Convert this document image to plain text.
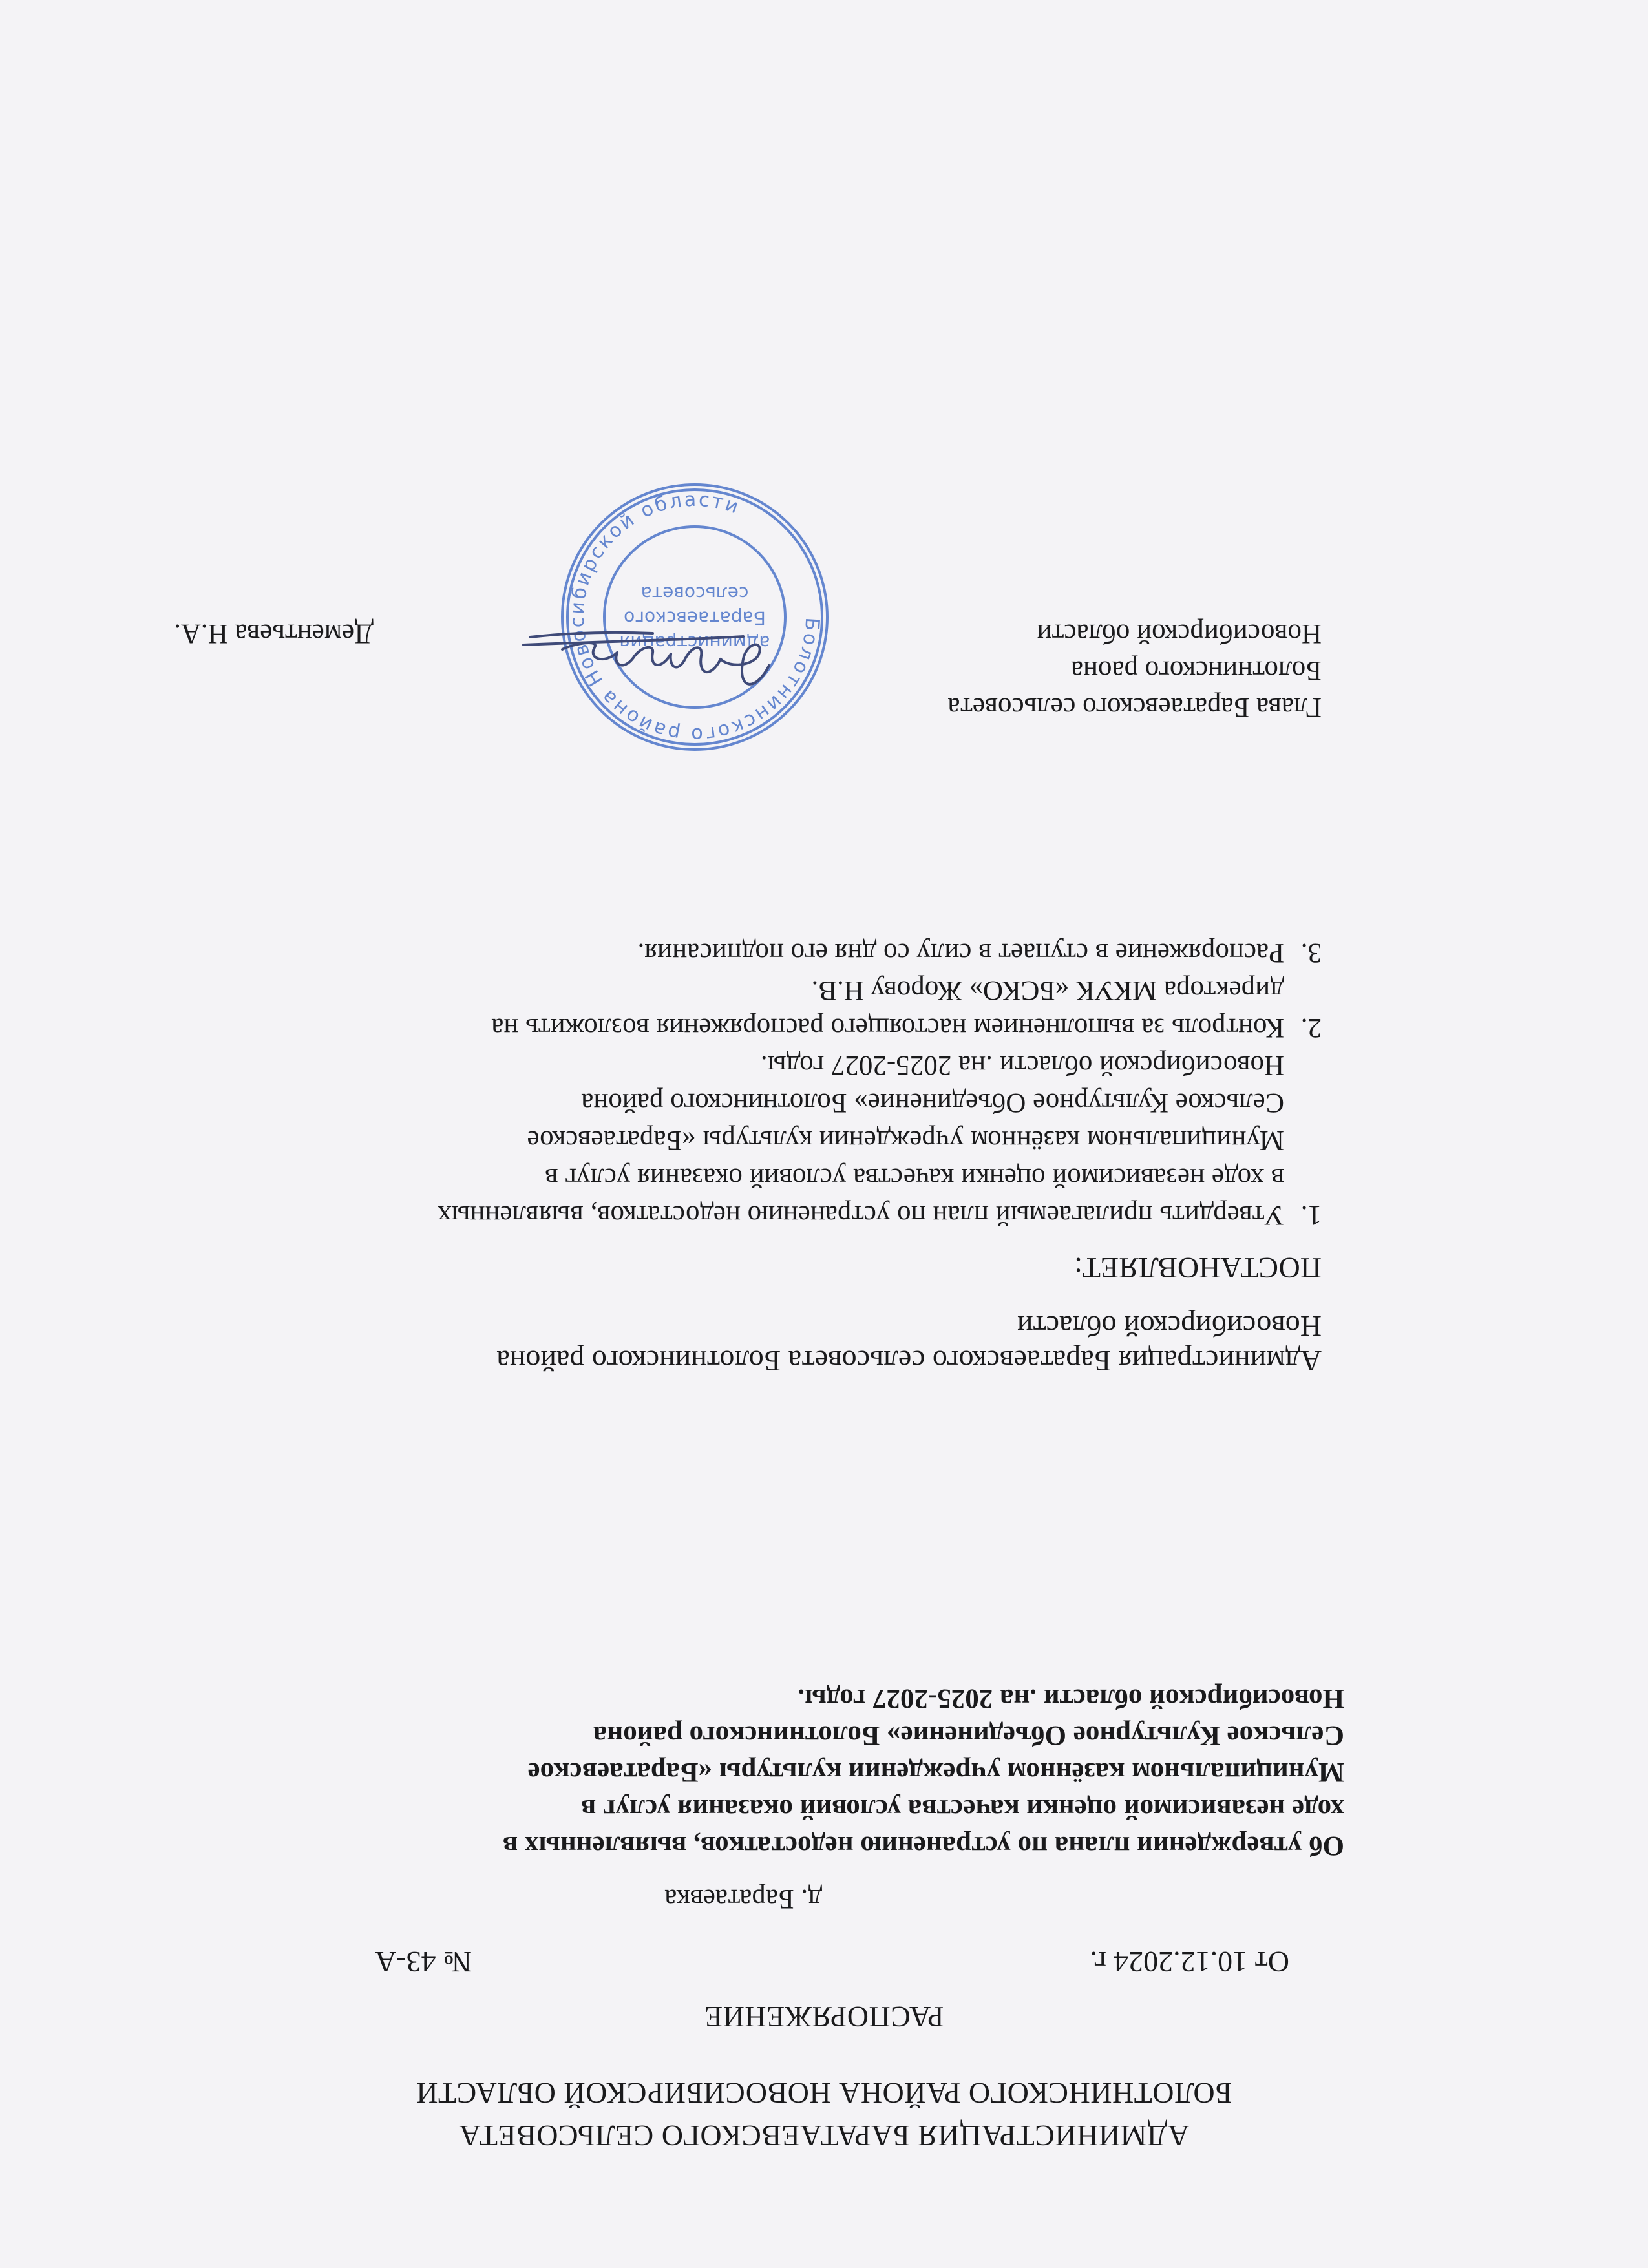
АДМИНИСТРАЦИЯ БАРАТАЕВСКОГО СЕЛЬСОВЕТА
БОЛОТНИНСКОГО РАЙОНА НОВОСИБИРСКОЙ ОБЛАСТИ
РАСПОРЯЖЕНИЕ
От 10.12.2024 г.
№ 43-А
д. Баратаевка
Об утверждении плана по устранению недостатков, выявленных в
ходе независимой оценки качества условий оказания услуг в
Муниципальном казённом учреждении культуры «Баратаевское
Сельское Культурное Объединение» Болотнинского района
Новосибирской области .на 2025-2027 годы.
Администрация Баратаевского сельсовета Болотнинского района
Новосибирской области
ПОСТАНОВЛЯЕТ:
1.
Утвердить прилагаемый план по устранению недостатков, выявленных
в ходе независимой оценки качества условий оказания услуг в
Муниципальном казённом учреждении культуры «Баратаевское
Сельское Культурное Объединение» Болотнинского района
Новосибирской области .на 2025-2027 годы.
2.
Контроль за выполнением настоящего распоряжения возложить на
директора МКУК «БСКО» Жорову Н.В.
3.
Распоряжение в ступает в силу со дня его подписания.
Глава Баратаевского сельсовета
Болотнинского раона
Новосибирской области
Дементьева Н.А.	Болотнинского района Новосибирской области
администрация
Баратаевского
сельсовета
